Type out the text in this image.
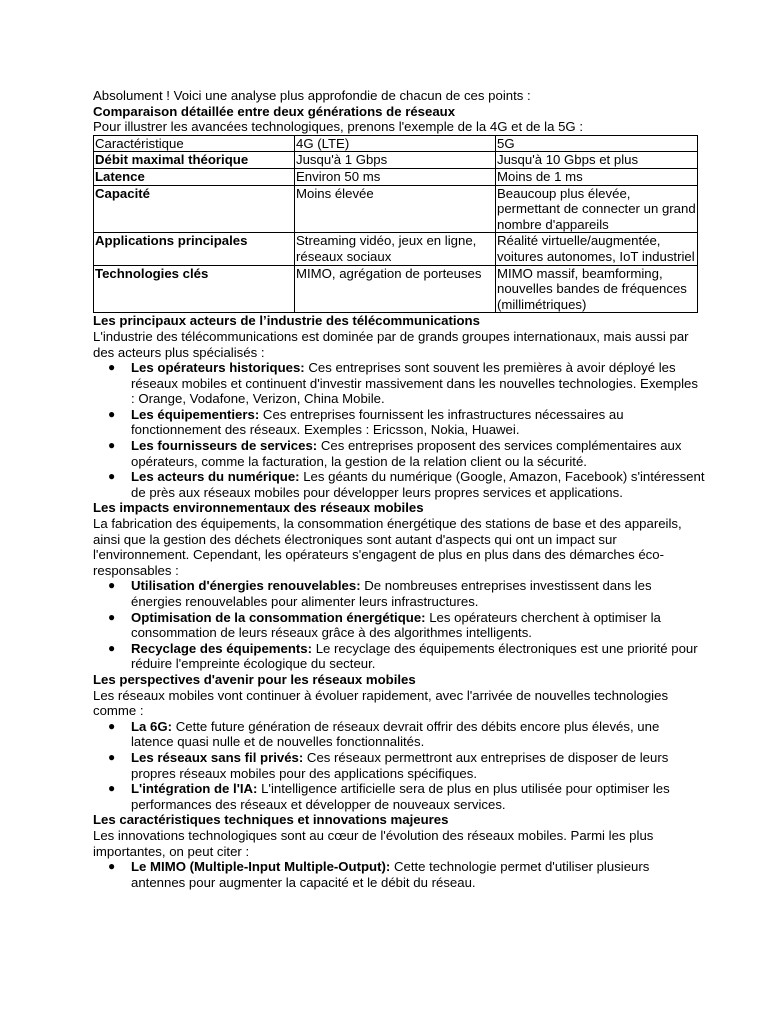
Absolument ! Voici une analyse plus approfondie de chacun de ces points :

Comparaison détaillée entre deux générations de réseaux

Pour illustrer les avancées technologiques, prenons l'exemple de la 4G et de la 5G :

Caractéristique	4G (LTE)	5G
Débit maximal théorique	Jusqu'à 1 Gbps	Jusqu'à 10 Gbps et plus
Latence	Environ 50 ms	Moins de 1 ms
Capacité	Moins élevée	Beaucoup plus élevée, permettant de connecter un grand nombre d'appareils
Applications principales	Streaming vidéo, jeux en ligne, réseaux sociaux	Réalité virtuelle/augmentée, voitures autonomes, IoT industriel
Technologies clés	MIMO, agrégation de porteuses	MIMO massif, beamforming, nouvelles bandes de fréquences (millimétriques)

Les principaux acteurs de l’industrie des télécommunications

L'industrie des télécommunications est dominée par de grands groupes internationaux, mais aussi par des acteurs plus spécialisés :

● Les opérateurs historiques: Ces entreprises sont souvent les premières à avoir déployé les réseaux mobiles et continuent d'investir massivement dans les nouvelles technologies. Exemples : Orange, Vodafone, Verizon, China Mobile.
● Les équipementiers: Ces entreprises fournissent les infrastructures nécessaires au fonctionnement des réseaux. Exemples : Ericsson, Nokia, Huawei.
● Les fournisseurs de services: Ces entreprises proposent des services complémentaires aux opérateurs, comme la facturation, la gestion de la relation client ou la sécurité.
● Les acteurs du numérique: Les géants du numérique (Google, Amazon, Facebook) s'intéressent de près aux réseaux mobiles pour développer leurs propres services et applications.

Les impacts environnementaux des réseaux mobiles

La fabrication des équipements, la consommation énergétique des stations de base et des appareils, ainsi que la gestion des déchets électroniques sont autant d'aspects qui ont un impact sur l'environnement. Cependant, les opérateurs s'engagent de plus en plus dans des démarches éco-responsables :

● Utilisation d'énergies renouvelables: De nombreuses entreprises investissent dans les énergies renouvelables pour alimenter leurs infrastructures.
● Optimisation de la consommation énergétique: Les opérateurs cherchent à optimiser la consommation de leurs réseaux grâce à des algorithmes intelligents.
● Recyclage des équipements: Le recyclage des équipements électroniques est une priorité pour réduire l'empreinte écologique du secteur.

Les perspectives d'avenir pour les réseaux mobiles

Les réseaux mobiles vont continuer à évoluer rapidement, avec l'arrivée de nouvelles technologies comme :

● La 6G: Cette future génération de réseaux devrait offrir des débits encore plus élevés, une latence quasi nulle et de nouvelles fonctionnalités.
● Les réseaux sans fil privés: Ces réseaux permettront aux entreprises de disposer de leurs propres réseaux mobiles pour des applications spécifiques.
● L'intégration de l'IA: L'intelligence artificielle sera de plus en plus utilisée pour optimiser les performances des réseaux et développer de nouveaux services.

Les caractéristiques techniques et innovations majeures

Les innovations technologiques sont au cœur de l'évolution des réseaux mobiles. Parmi les plus importantes, on peut citer :

● Le MIMO (Multiple-Input Multiple-Output): Cette technologie permet d'utiliser plusieurs antennes pour augmenter la capacité et le débit du réseau.
